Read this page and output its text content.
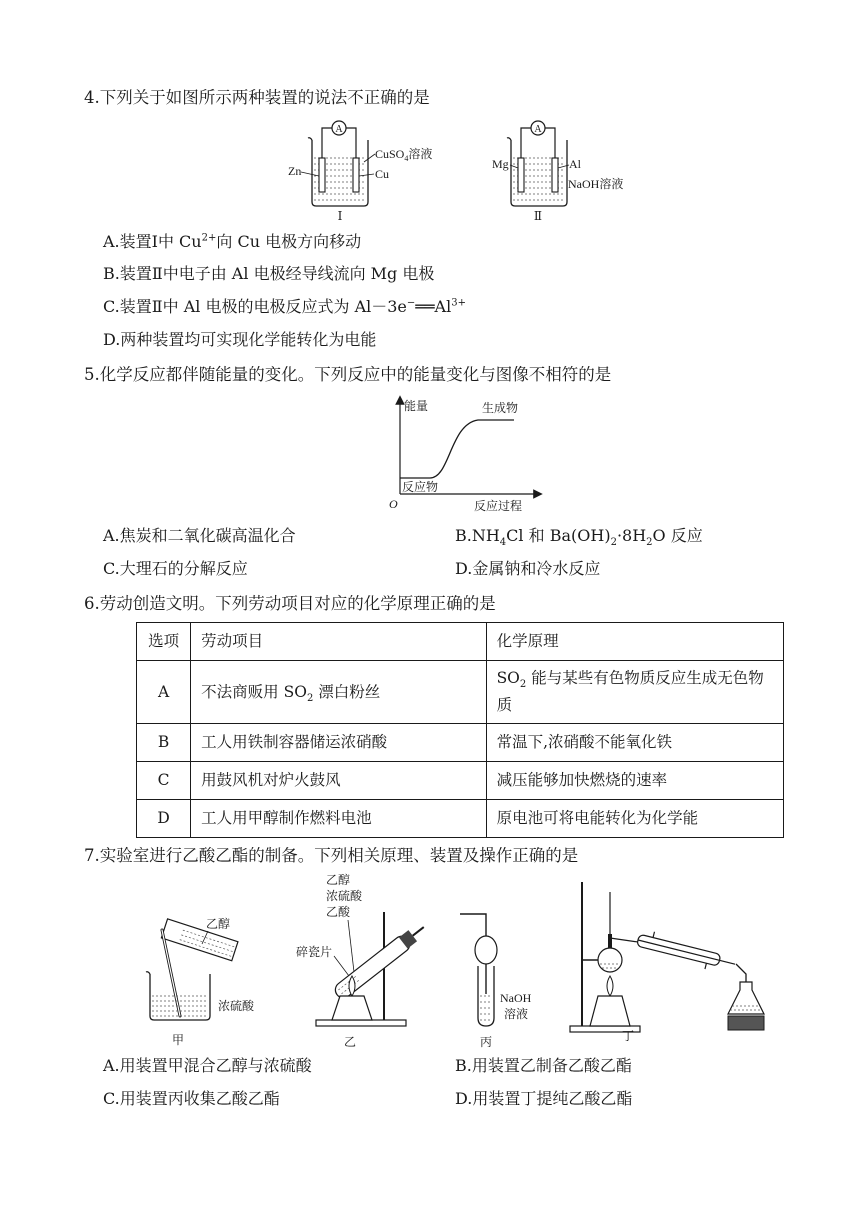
4.下列关于如图所示两种装置的说法不正确的是
A
Zn
CuSO$_4$溶液
Cu
Ⅰ
A
Mg	Al
NaOH溶液
Ⅱ
A.装置Ⅰ中 $Cu^{2+}$向 Cu 电极方向移动
B.装置Ⅱ中电子由 Al 电极经导线流向 Mg 电极
C.装置Ⅱ中 Al 电极的电极反应式为 $Al-3e^-══Al^{3+}$
D.两种装置均可实现化学能转化为电能
5.化学反应都伴随能量的变化。下列反应中的能量变化与图像不相符的是
能量	生成物
反应物
O	反应过程
A.焦炭和二氧化碳高温化合	$B.NH_4Cl$ 和 $Ba(OH)_2\cdot 8H_2O$ 反应
C.大理石的分解反应	D.金属钠和冷水反应
6.劳动创造文明。下列劳动项目对应的化学原理正确的是
选项	劳动项目	化学原理
A	不法商贩用 $SO_2$ 漂白粉丝	$SO_2$ 能与某些有色物质反应生成无色物质
B	工人用铁制容器储运浓硝酸	常温下,浓硝酸不能氧化铁
C	用鼓风机对炉火鼓风	减压能够加快燃烧的速率
D	工人用甲醇制作燃料电池	原电池可将电能转化为化学能
7.实验室进行乙酸乙酯的制备。下列相关原理、装置及操作正确的是
乙醇
浓硫酸
甲
乙醇
浓硫酸
乙酸
碎瓷片
乙
NaOH
溶液
丙	丁
A.用装置甲混合乙醇与浓硫酸	B.用装置乙制备乙酸乙酯
C.用装置丙收集乙酸乙酯	D.用装置丁提纯乙酸乙酯
